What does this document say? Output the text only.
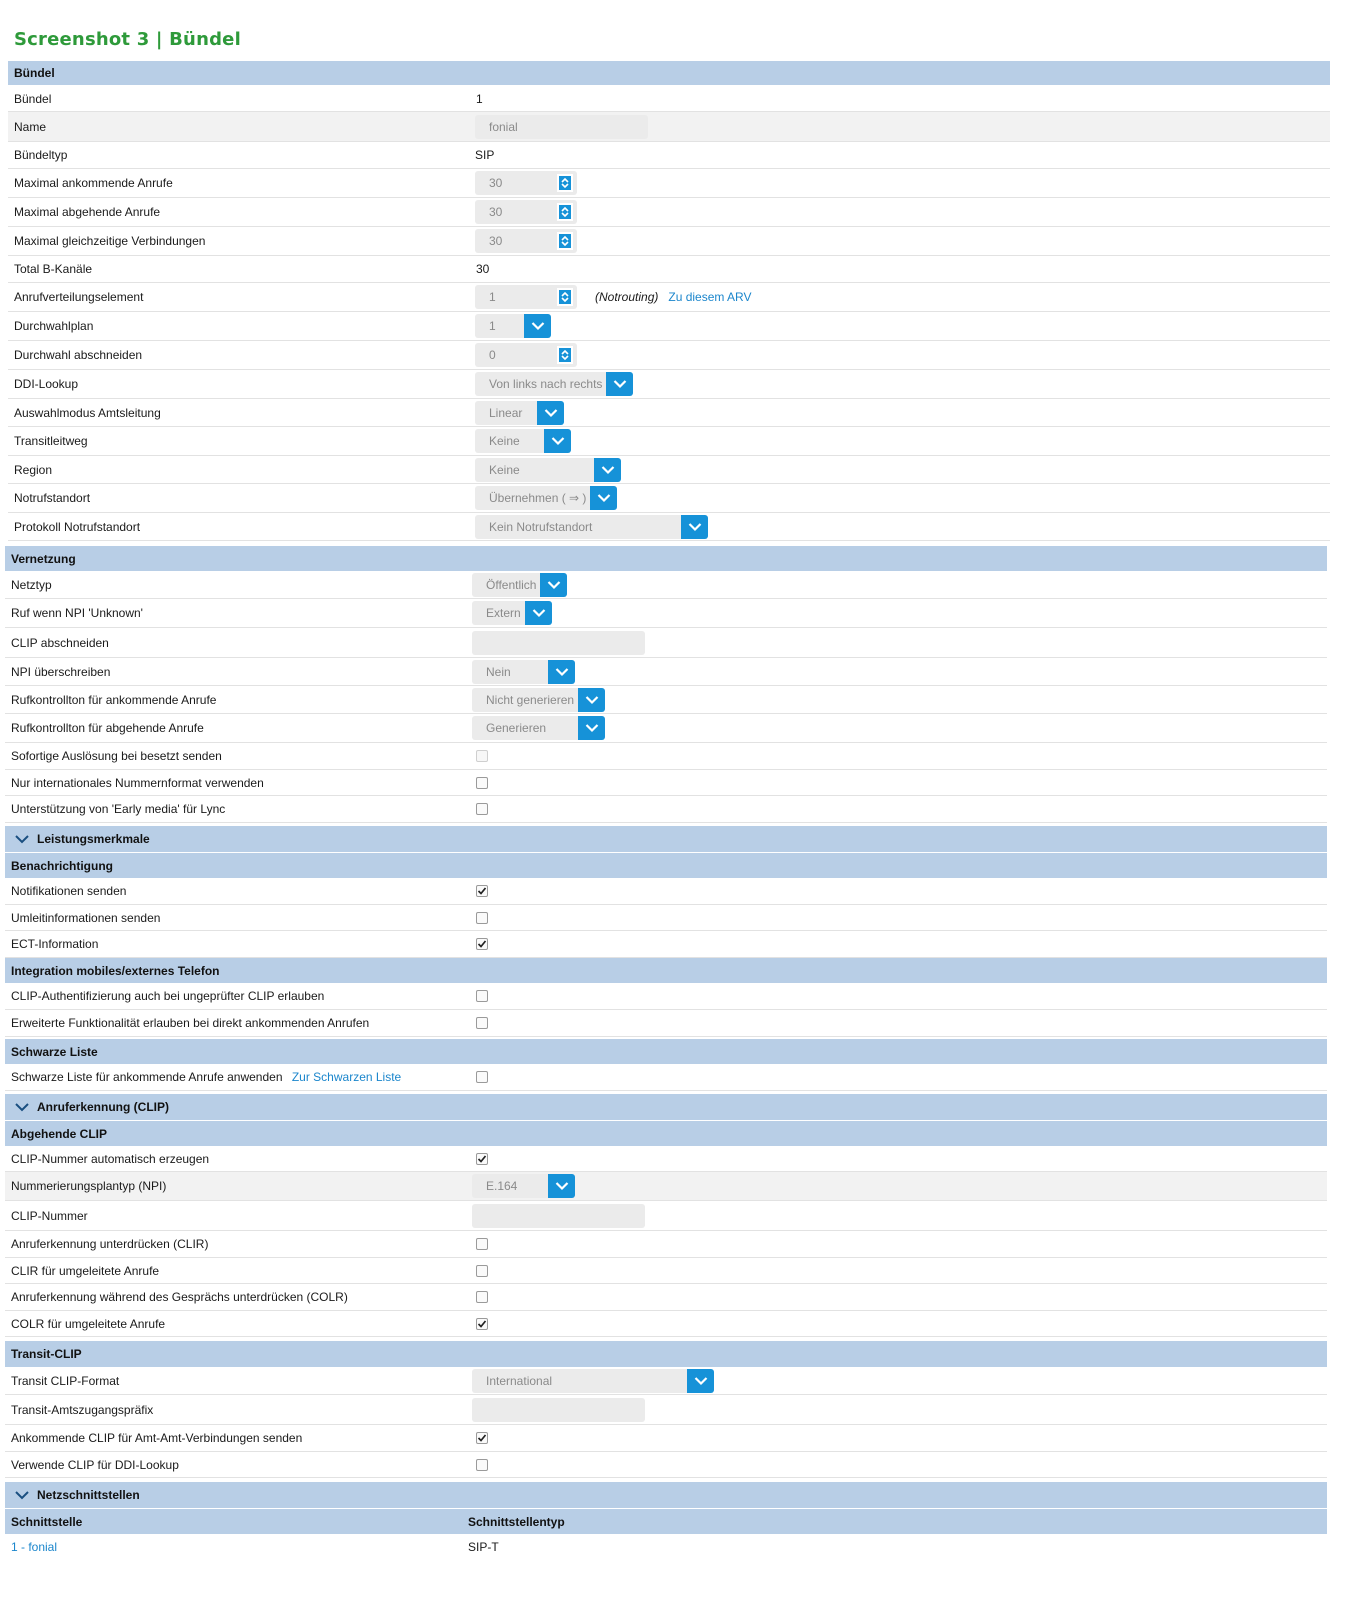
Screenshot 3 | Bündel
Bündel
Bündel	1
Name	fonial
Bündeltyp	SIP
Maximal ankommende Anrufe	30
Maximal abgehende Anrufe	30
Maximal gleichzeitige Verbindungen	30
Total B-Kanäle	30
Anrufverteilungselement	1	(Notrouting) Zu diesem ARV
Durchwahlplan	1
Durchwahl abschneiden	0
DDI-Lookup	Von links nach rechts
Auswahlmodus Amtsleitung	Linear
Transitleitweg	Keine
Region	Keine
Notrufstandort	Übernehmen ( ⇒ )
Protokoll Notrufstandort	Kein Notrufstandort
Vernetzung
Netztyp	Öffentlich
Ruf wenn NPI 'Unknown'	Extern
CLIP abschneiden
NPI überschreiben	Nein
Rufkontrollton für ankommende Anrufe	Nicht generieren
Rufkontrollton für abgehende Anrufe	Generieren
Sofortige Auslösung bei besetzt senden
Nur internationales Nummernformat verwenden
Unterstützung von 'Early media' für Lync
Leistungsmerkmale
Benachrichtigung
Notifikationen senden
Umleitinformationen senden
ECT-Information
Integration mobiles/externes Telefon
CLIP-Authentifizierung auch bei ungeprüfter CLIP erlauben
Erweiterte Funktionalität erlauben bei direkt ankommenden Anrufen
Schwarze Liste
Schwarze Liste für ankommende Anrufe anwenden Zur Schwarzen Liste
Anruferkennung (CLIP)
Abgehende CLIP
CLIP-Nummer automatisch erzeugen
Nummerierungsplantyp (NPI)	E.164
CLIP-Nummer
Anruferkennung unterdrücken (CLIR)
CLIR für umgeleitete Anrufe
Anruferkennung während des Gesprächs unterdrücken (COLR)
COLR für umgeleitete Anrufe
Transit-CLIP
Transit CLIP-Format	International
Transit-Amtszugangspräfix
Ankommende CLIP für Amt-Amt-Verbindungen senden
Verwende CLIP für DDI-Lookup
Netzschnittstellen
Schnittstelle	Schnittstellentyp
1 - fonial	SIP-T
